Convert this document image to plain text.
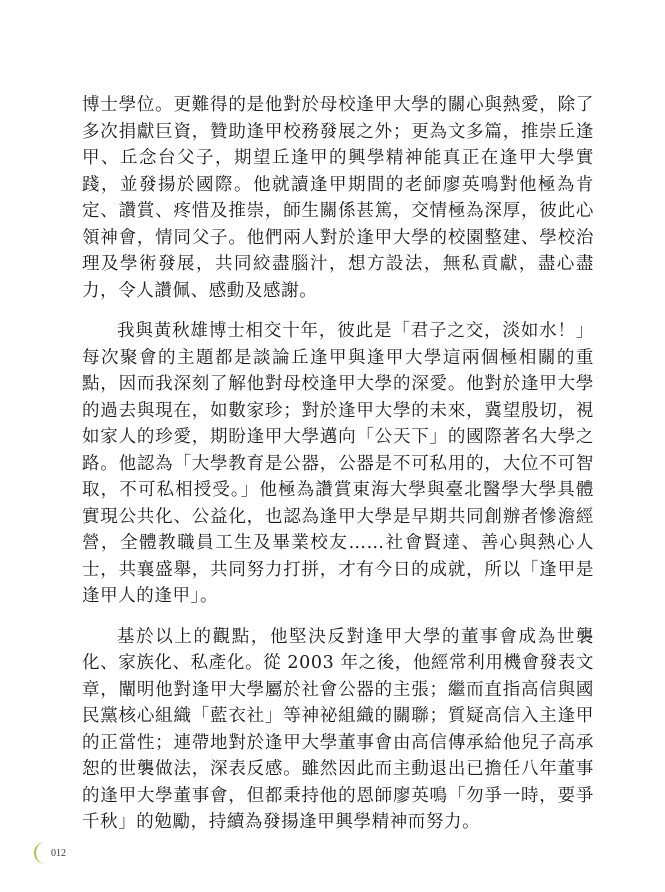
博士學位。更難得的是他對於母校逢甲大學的關心與熱愛，除了多次捐獻巨資，贊助逢甲校務發展之外；更為文多篇，推崇丘逢甲、丘念台父子，期望丘逢甲的興學精神能真正在逢甲大學實踐，並發揚於國際。他就讀逢甲期間的老師廖英鳴對他極為肯定、讚賞、疼惜及推崇，師生關係甚篤，交情極為深厚，彼此心領神會，情同父子。他們兩人對於逢甲大學的校園整建、學校治理及學術發展，共同絞盡腦汁，想方設法，無私貢獻，盡心盡力，令人讚佩、感動及感謝。

我與黃秋雄博士相交十年，彼此是「君子之交，淡如水！」每次聚會的主題都是談論丘逢甲與逢甲大學這兩個極相關的重點，因而我深刻了解他對母校逢甲大學的深愛。他對於逢甲大學的過去與現在，如數家珍；對於逢甲大學的未來，冀望殷切，視如家人的珍愛，期盼逢甲大學邁向「公天下」的國際著名大學之路。他認為「大學教育是公器，公器是不可私用的，大位不可智取，不可私相授受。」他極為讚賞東海大學與臺北醫學大學具體實現公共化、公益化，也認為逢甲大學是早期共同創辦者慘澹經營，全體教職員工生及畢業校友……社會賢達、善心與熱心人士，共襄盛舉，共同努力打拼，才有今日的成就，所以「逢甲是逢甲人的逢甲」。

基於以上的觀點，他堅決反對逢甲大學的董事會成為世襲化、家族化、私產化。從 2003 年之後，他經常利用機會發表文章，闡明他對逢甲大學屬於社會公器的主張；繼而直指高信與國民黨核心組織「藍衣社」等神祕組織的關聯；質疑高信入主逢甲的正當性；連帶地對於逢甲大學董事會由高信傳承給他兒子高承恕的世襲做法，深表反感。雖然因此而主動退出已擔任八年董事的逢甲大學董事會，但都秉持他的恩師廖英鳴「勿爭一時，要爭千秋」的勉勵，持續為發揚逢甲興學精神而努力。

012
